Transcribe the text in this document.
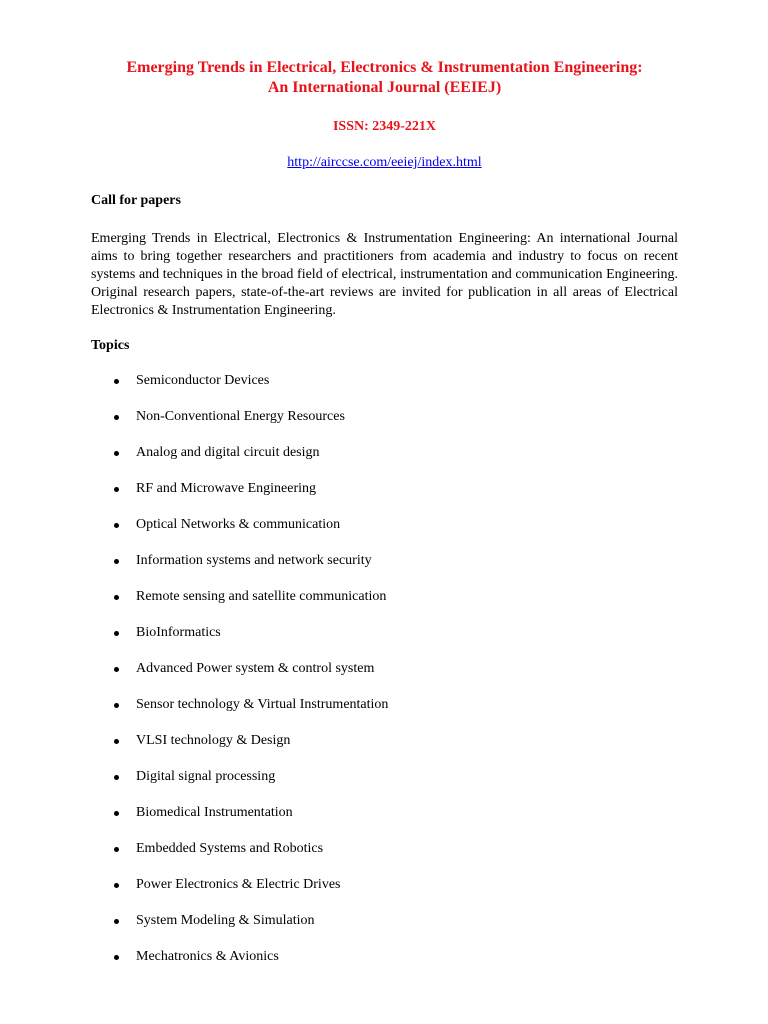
Emerging Trends in Electrical, Electronics & Instrumentation Engineering:

An International Journal (EEIEJ)

ISSN: 2349-221X
http://airccse.com/eeiej/index.html

Call for papers

Emerging Trends in Electrical, Electronics & Instrumentation Engineering: An international Journal aims to bring together researchers and practitioners from academia and industry to focus on recent systems and techniques in the broad field of electrical, instrumentation and communication Engineering. Original research papers, state-of-the-art reviews are invited for publication in all areas of Electrical Electronics & Instrumentation Engineering.

Topics

Semiconductor Devices
Non-Conventional Energy Resources
Analog and digital circuit design
RF and Microwave Engineering
Optical Networks & communication
Information systems and network security
Remote sensing and satellite communication
BioInformatics
Advanced Power system & control system
Sensor technology & Virtual Instrumentation
VLSI technology & Design
Digital signal processing
Biomedical Instrumentation
Embedded Systems and Robotics
Power Electronics & Electric Drives
System Modeling & Simulation
Mechatronics & Avionics
